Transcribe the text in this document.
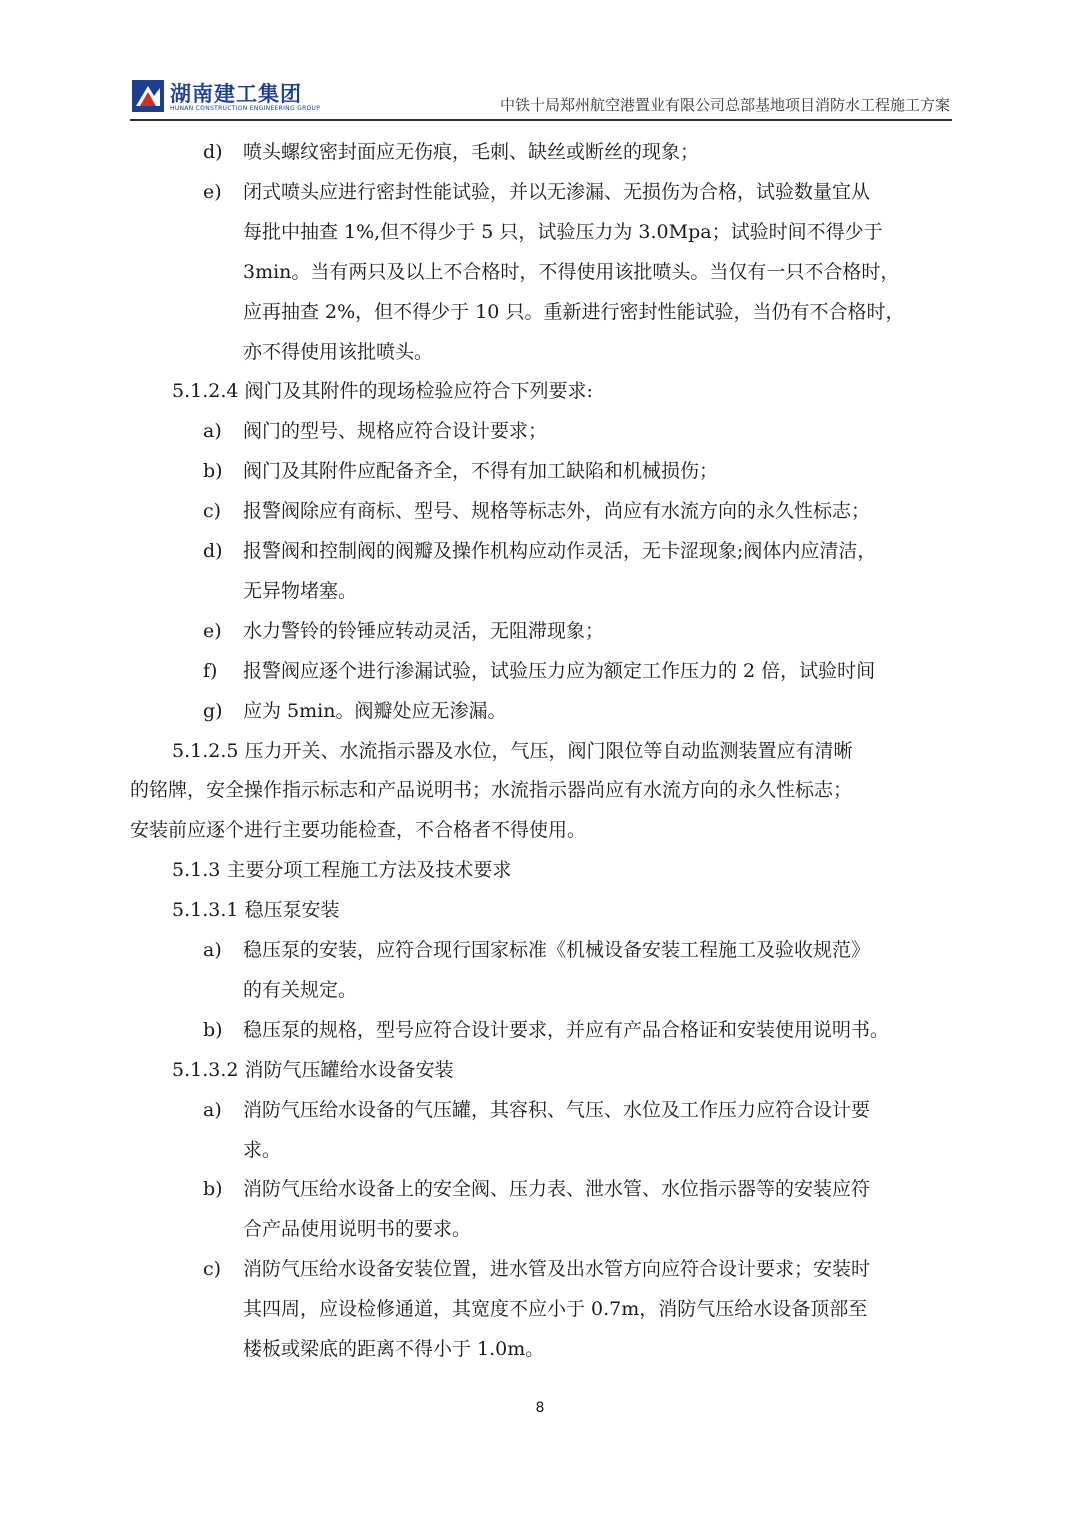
湖南建工集团
HUNAN CONSTRUCTION ENGINEERING GROUP	中铁十局郑州航空港置业有限公司总部基地项目消防水工程施工方案
d) 喷头螺纹密封面应无伤痕，毛刺、缺丝或断丝的现象；
e) 闭式喷头应进行密封性能试验，并以无渗漏、无损伤为合格，试验数量宜从
每批中抽查 1%,但不得少于 5 只，试验压力为 3.0Mpa；试验时间不得少于
3min。当有两只及以上不合格时，不得使用该批喷头。当仅有一只不合格时，
应再抽查 2%，但不得少于 10 只。重新进行密封性能试验，当仍有不合格时，
亦不得使用该批喷头。
5.1.2.4 阀门及其附件的现场检验应符合下列要求:
a) 阀门的型号、规格应符合设计要求；
b) 阀门及其附件应配备齐全，不得有加工缺陷和机械损伤；
c) 报警阀除应有商标、型号、规格等标志外，尚应有水流方向的永久性标志；
d) 报警阀和控制阀的阀瓣及操作机构应动作灵活，无卡涩现象;阀体内应清洁，
无异物堵塞。
e) 水力警铃的铃锤应转动灵活，无阻滞现象；
f) 报警阀应逐个进行渗漏试验，试验压力应为额定工作压力的 2 倍，试验时间
g) 应为 5min。阀瓣处应无渗漏。
5.1.2.5 压力开关、水流指示器及水位，气压，阀门限位等自动监测装置应有清晰
的铭牌，安全操作指示标志和产品说明书；水流指示器尚应有水流方向的永久性标志；
安装前应逐个进行主要功能检查，不合格者不得使用。
5.1.3 主要分项工程施工方法及技术要求
5.1.3.1 稳压泵安装
a) 稳压泵的安装，应符合现行国家标准《机械设备安装工程施工及验收规范》
的有关规定。
b) 稳压泵的规格，型号应符合设计要求，并应有产品合格证和安装使用说明书。
5.1.3.2 消防气压罐给水设备安装
a) 消防气压给水设备的气压罐，其容积、气压、水位及工作压力应符合设计要
求。
b) 消防气压给水设备上的安全阀、压力表、泄水管、水位指示器等的安装应符
合产品使用说明书的要求。
c) 消防气压给水设备安装位置，进水管及出水管方向应符合设计要求；安装时
其四周，应设检修通道，其宽度不应小于 0.7m，消防气压给水设备顶部至
楼板或梁底的距离不得小于 1.0m。
8
